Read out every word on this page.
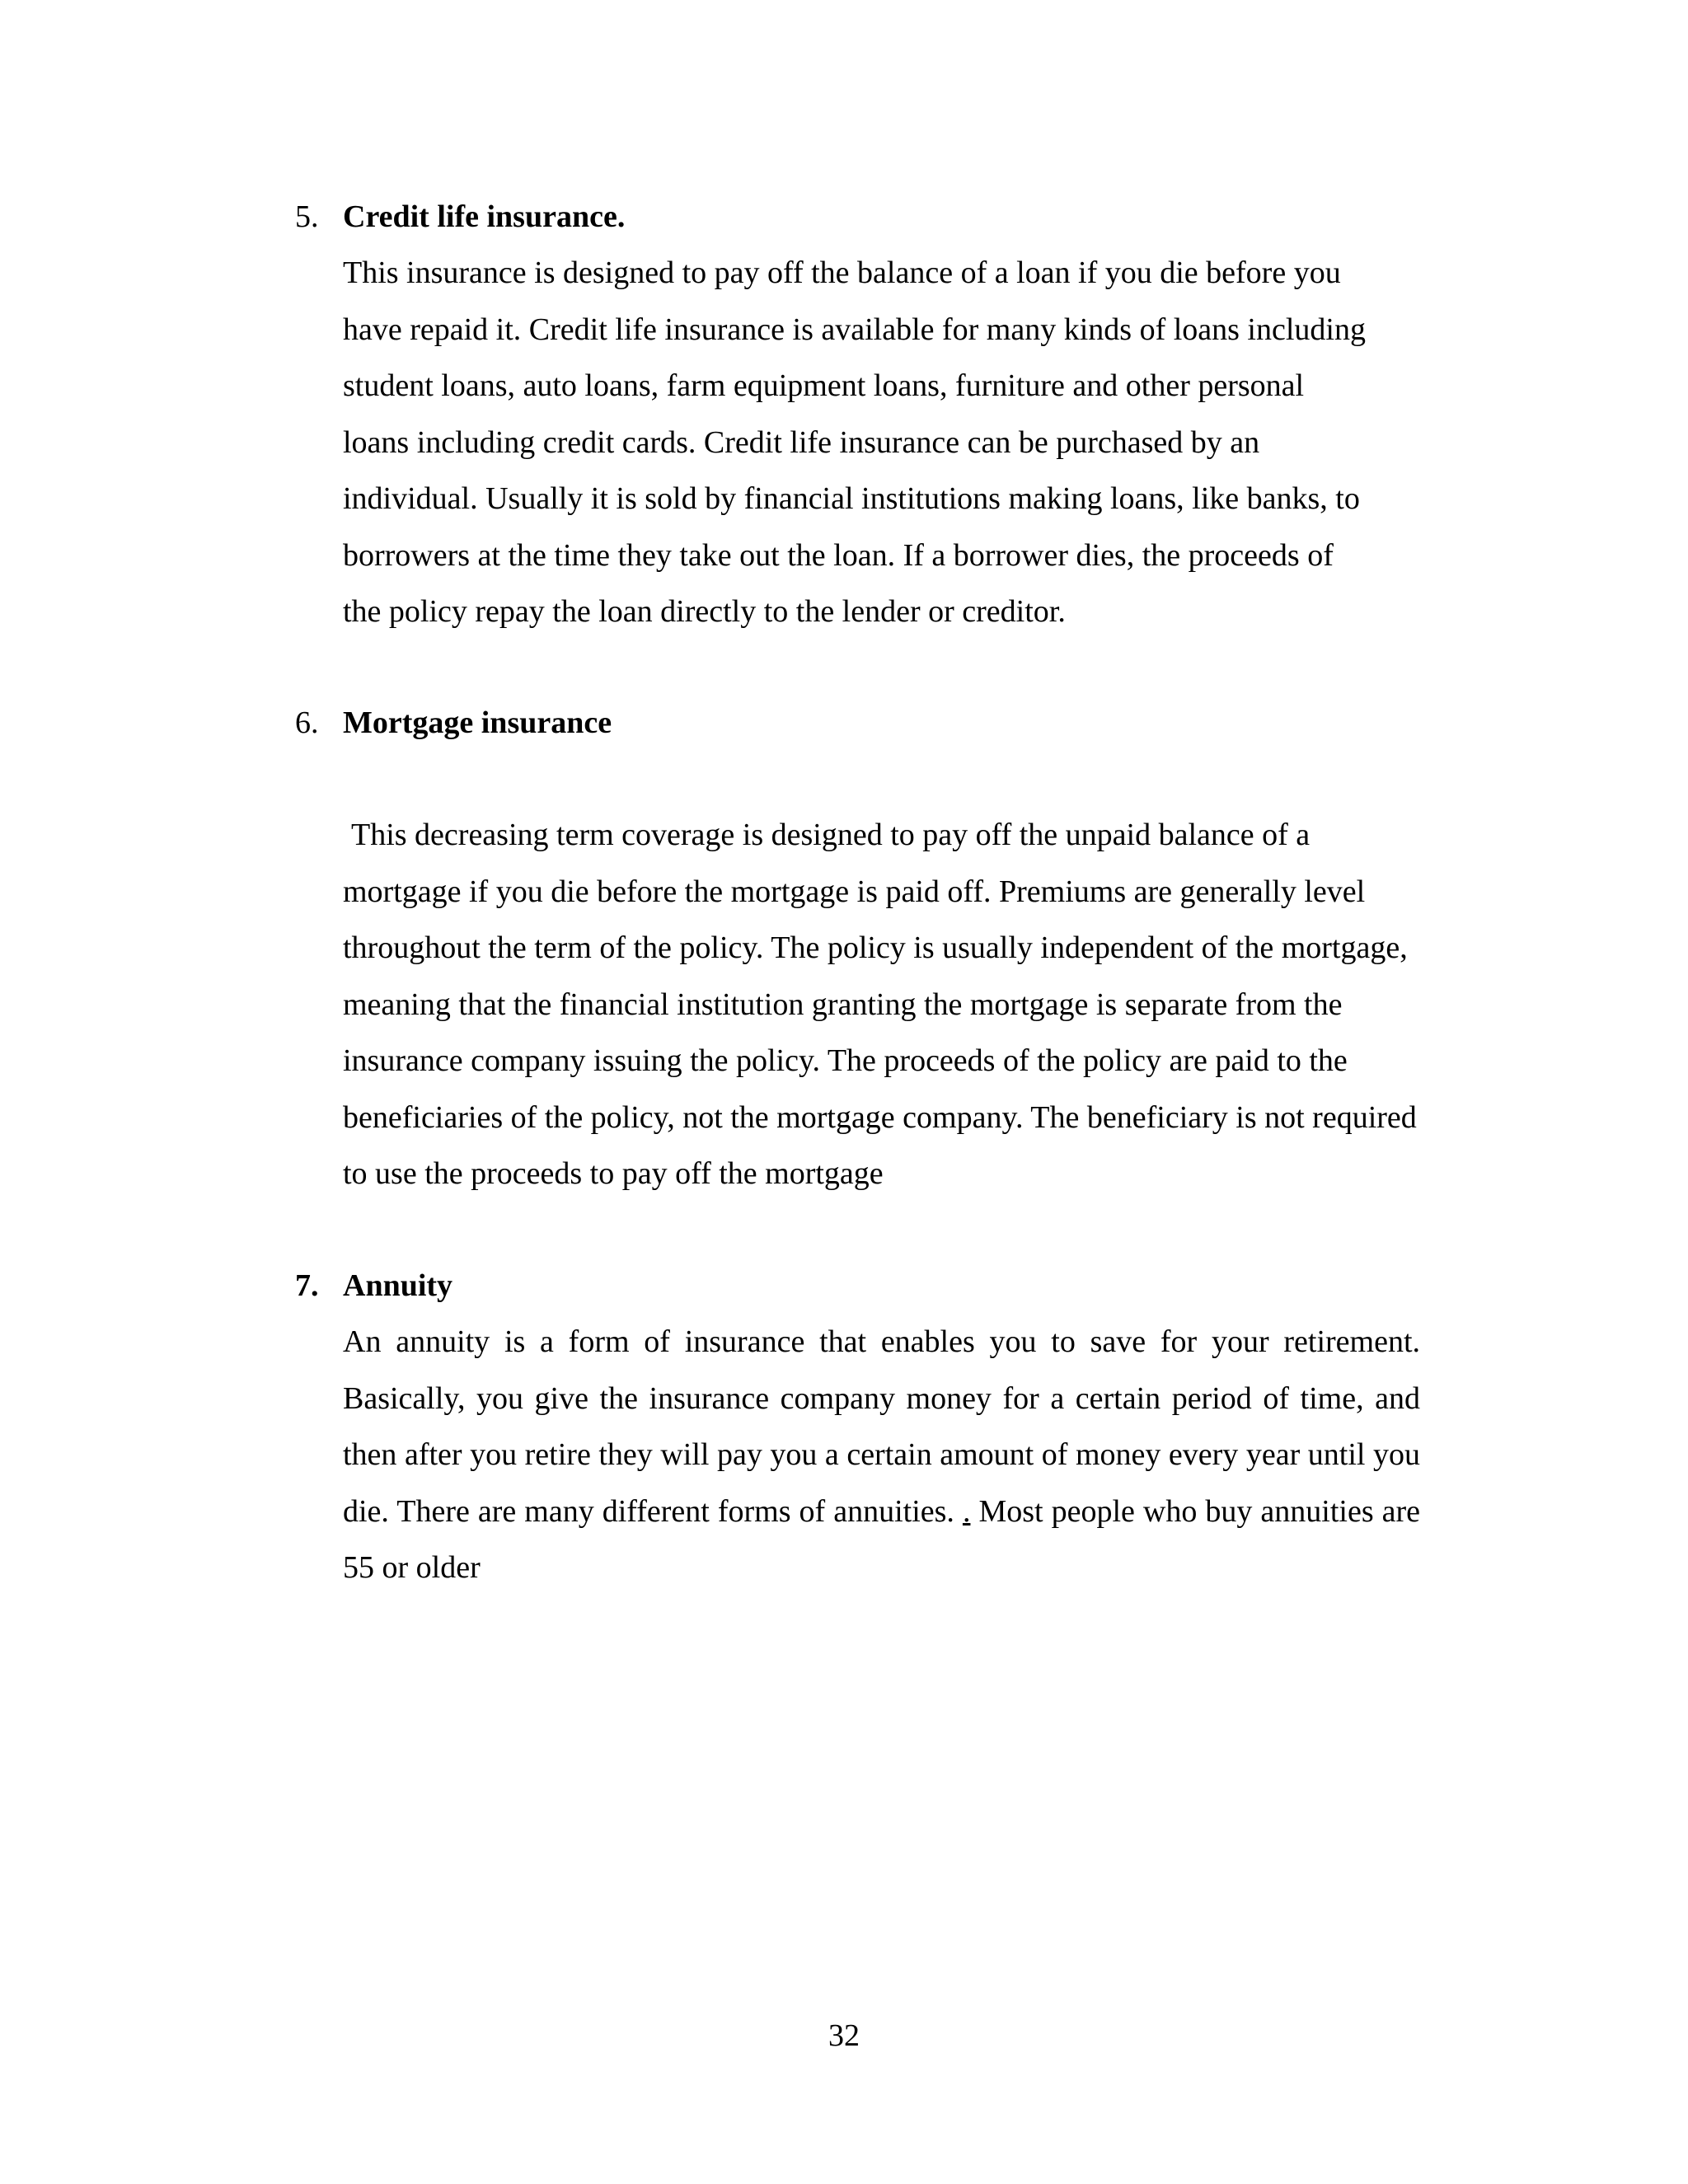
5. Credit life insurance.
This insurance is designed to pay off the balance of a loan if you die before you have repaid it. Credit life insurance is available for many kinds of loans including student loans, auto loans, farm equipment loans, furniture and other personal loans including credit cards. Credit life insurance can be purchased by an individual. Usually it is sold by financial institutions making loans, like banks, to borrowers at the time they take out the loan. If a borrower dies, the proceeds of the policy repay the loan directly to the lender or creditor.
6. Mortgage insurance
This decreasing term coverage is designed to pay off the unpaid balance of a mortgage if you die before the mortgage is paid off. Premiums are generally level throughout the term of the policy. The policy is usually independent of the mortgage, meaning that the financial institution granting the mortgage is separate from the insurance company issuing the policy. The proceeds of the policy are paid to the beneficiaries of the policy, not the mortgage company. The beneficiary is not required to use the proceeds to pay off the mortgage
7. Annuity
An annuity is a form of insurance that enables you to save for your retirement. Basically, you give the insurance company money for a certain period of time, and then after you retire they will pay you a certain amount of money every year until you die. There are many different forms of annuities. . Most people who buy annuities are 55 or older
32
